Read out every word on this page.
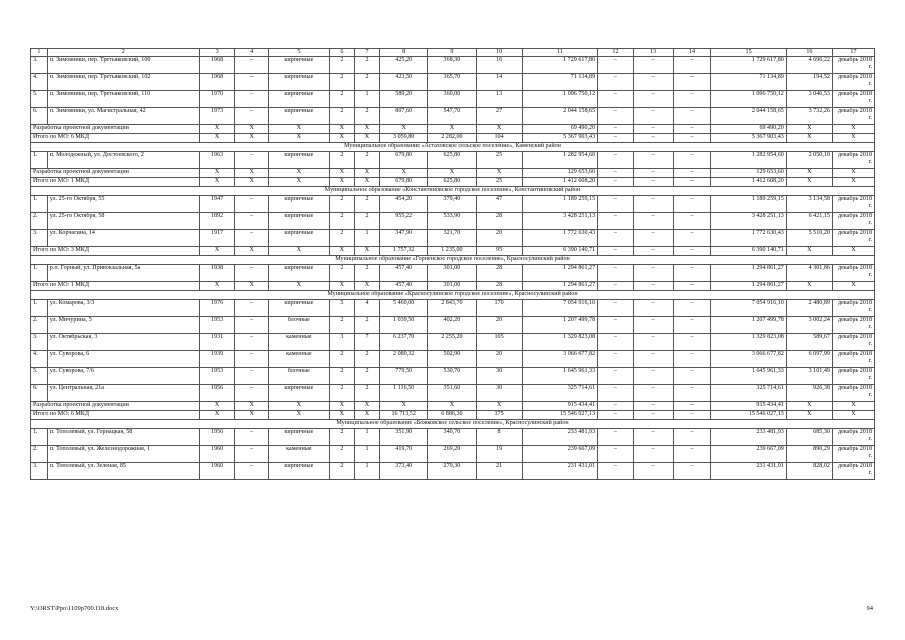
1	2	3	4	5	6	7	8	9	10	11	12	13	14	15	16	17
3.	п. Зимовники, пер. Третьяковский, 100	1968	–	кирпичные	2	2	425,20	368,30	16	1 729 617,80	–	–	–	1 729 617,80	4 696,22	декабрь 2018 г.
4.	п. Зимовники, пер. Третьяковский, 102	1968	–	кирпичные	2	2	423,50	365,70	14	71 134,89	–	–	–	71 134,89	194,52	декабрь 2018 г.
5.	п. Зимовники, пер. Третьяковский, 110	1970	–	кирпичные	2	1	589,20	360,00	13	1 096 750,12	–	–	–	1 096 750,12	3 046,53	декабрь 2018 г.
6.	п. Зимовники, ул. Магистральная, 42	1973	–	кирпичные	2	2	807,60	547,70	27	2 044 158,65	–	–	–	2 044 158,65	3 732,26	декабрь 2018 г.
Разработка проектной документации		X	X	X	X	X	X	X	X	69 490,20	–	–	–	69 490,20	X	X
Итого по МО: 6 МКД		X	X	X	X	X	3 059,80	2 282,00	104	5 367 903,43	–	–	–	5 367 903,43	X	X
Муниципальное образование «Астаховское сельское поселение», Каменский район																
1.	п. Молодежный, ул. Достоевского, 2	1963	–	кирпичные	2	2	679,80	625,80	25	1 282 954,60	–	–	–	1 282 954,60	2 050,10	декабрь 2018 г.
Разработка проектной документации		X	X	X	X	X	X	X	X	129 653,60	–	–	–	129 653,60	X	X
Итого по МО: 1 МКД		X	X	X	X	X	679,80	625,80	25	1 412 608,20	–	–	–	1 412 608,20	X	X
Муниципальное образование «Константиновское городское поселение», Константиновский район																
1.	ул. 25-го Октября, 55	1947	–	кирпичные	2	2	454,20	379,40	47	1 189 259,15	–	–	–	1 189 259,15	3 134,58	декабрь 2018 г.
2.	ул. 25-го Октября, 58	1892	–	кирпичные	2	2	955,22	533,90	28	3 428 251,13	–	–	–	3 428 251,13	6 421,15	декабрь 2018 г.
3.	ул. Корчагина, 14	1917	–	кирпичные	2	1	347,90	321,70	20	1 772 630,43	–	–	–	1 772 630,43	5 510,20	декабрь 2018 г.
Итого по МО: 3 МКД		X	X	X	X	X	1 757,32	1 235,00	95	6 390 140,71	–	–	–	6 390 140,71	X	X
Муниципальное образование «Горненское городское поселение», Красносулинский район																
1.	р.п. Горный, ул. Привокзальная, 5а	1938	–	кирпичные	2	2	457,40	301,00	28	1 294 861,27	–	–	–	1 294 861,27	4 301,86	декабрь 2018 г.
Итого по МО: 1 МКД		X	X	X	X	X	457,40	301,00	28	1 294 861,27	–	–	–	1 294 861,27	X	X
Муниципальное образование «Красносулинское городское поселение», Красносулинский район																
1.	ул. Комарова, 3/3	1976	–	кирпичные	5	4	5 460,00	2 843,70	170	7 054 916,10	–	–	–	7 054 916,10	2 480,89	декабрь 2018 г.
2.	ул. Мичурина, 5	1953	–	блочные	2	2	1 039,50	402,20	20	1 207 499,78	–	–	–	1 207 499,78	3 002,24	декабрь 2018 г.
3.	ул. Октябрьская, 3	1931	–	каменные	3	7	6 237,70	2 255,20	105	1 329 823,08	–	–	–	1 329 823,08	589,67	декабрь 2018 г.
4.	ул. Суворова, 6	1939	–	каменные	2	2	2 080,32	502,90	20	3 066 677,82	–	–	–	3 066 677,82	6 097,99	декабрь 2018 г.
5.	ул. Суворова, 7/6	1953	–	блочные	2	2	779,50	530,70	30	1 645 961,33	–	–	–	1 645 961,33	3 101,49	декабрь 2018 г.
6.	ул. Центральная, 21а	1956	–	кирпичные	2	2	1 116,50	351,60	30	325 714,61	–	–	–	325 714,61	926,38	декабрь 2018 г.
Разработка проектной документации		X	X	X	X	X	X	X	X	915 434,41	–	–	–	915 434,41	X	X
Итого по МО: 6 МКД		X	X	X	X	X	16 713,52	6 886,30	375	15 546 027,13	–	–	–	15 546 027,13	X	X
Муниципальное образование «Божковское сельское поселение», Красносулинский район																
1.	п. Тополевый, ул. Горнацкая, 58	1956	–	кирпичные	2	1	351,90	340,70	8	233 481,93	–	–	–	233 481,93	685,30	декабрь 2018 г.
2.	п. Тополевый, ул. Железнодорожная, 1	1960	–	каменные	2	1	419,70	269,20	19	239 667,09	–	–	–	239 667,09	890,29	декабрь 2018 г.
3.	п. Тополевый, ул. Зеленая, 85	1960	–	кирпичные	2	1	373,40	279,30	21	231 431,01	–	–	–	231 431,01	828,02	декабрь 2018 г.
Y:\ORST\Ppo\1109p700.f18.docx	94
